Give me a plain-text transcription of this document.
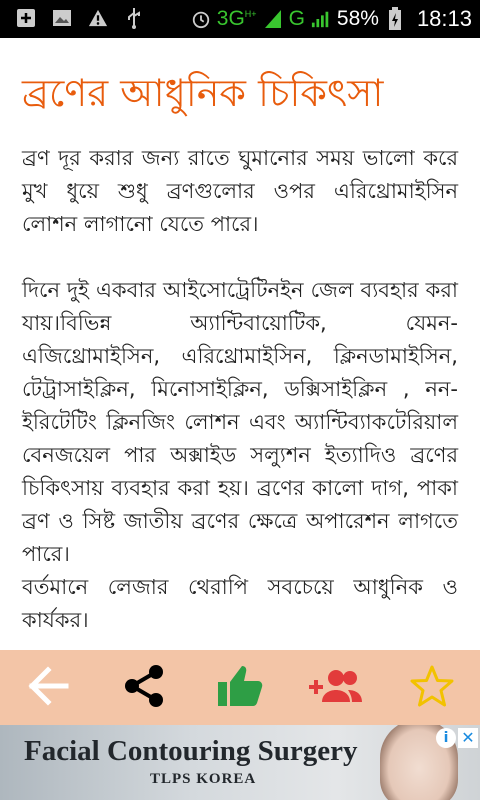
$3G^{H+}$ G 58% 18:13
ব্রণের আধুনিক চিকিৎসা

ব্রণ দূর করার জন্য রাতে ঘুমানোর সময় ভালো করে মুখ ধুয়ে শুধু ব্রণগুলোর ওপর এরিথ্রোমাইসিন লোশন লাগানো যেতে পারে।

দিনে দুই একবার আইসোট্রেটিনইন জেল ব্যবহার করা যায়।বিভিন্ন অ্যান্টিবায়োটিক, যেমন- এজিথ্রোমাইসিন, এরিথ্রোমাইসিন, ক্লিনডামাইসিন, টেট্রাসাইক্লিন, মিনোসাইক্লিন, ডক্সিসাইক্লিন , নন-ইরিটেটিং ক্লিনজিং লোশন এবং অ্যান্টিব্যাকটেরিয়াল বেনজয়েল পার অক্সাইড সল্যুশন ইত্যাদিও ব্রণের চিকিৎসায় ব্যবহার করা হয়। ব্রণের কালো দাগ, পাকা ব্রণ ও সিষ্ট জাতীয় ব্রণের ক্ষেত্রে অপারেশন লাগতে পারে।

বর্তমানে লেজার থেরাপি সবচেয়ে আধুনিক ও কার্যকর।

Facial Contouring Surgery
TLPS KOREA
i ✕
